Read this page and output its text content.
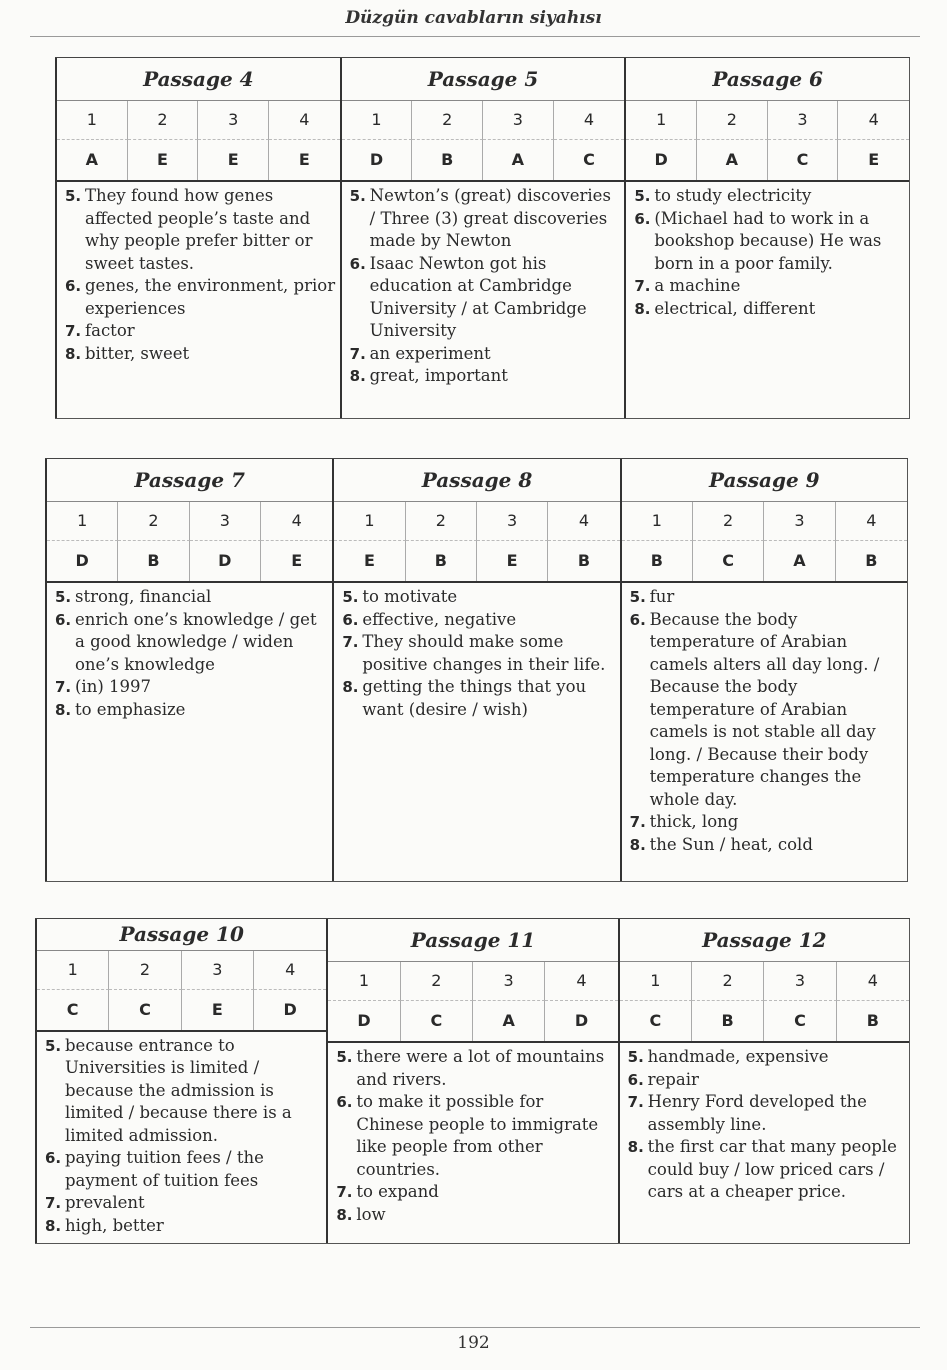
Düzgün cavabların siyahısı
Passage 4
1	2	3	4
A	E	E	E
5. They found how genes affected people’s taste and why people prefer bitter or sweet tastes.
6. genes, the environment, prior experiences
7. factor
8. bitter, sweet
Passage 5
1	2	3	4
D	B	A	C
5. Newton’s (great) discoveries / Three (3) great discoveries made by Newton
6. Isaac Newton got his education at Cambridge University / at Cambridge University
7. an experiment
8. great, important
Passage 6
1	2	3	4
D	A	C	E
5. to study electricity
6. (Michael had to work in a bookshop because) He was born in a poor family.
7. a machine
8. electrical, different
Passage 7
1	2	3	4
D	B	D	E
5. strong, financial
6. enrich one’s knowledge / get a good knowledge / widen one’s knowledge
7. (in) 1997
8. to emphasize
Passage 8
1	2	3	4
E	B	E	B
5. to motivate
6. effective, negative
7. They should make some positive changes in their life.
8. getting the things that you want (desire / wish)
Passage 9
1	2	3	4
B	C	A	B
5. fur
6. Because the body temperature of Arabian camels alters all day long. / Because the body temperature of Arabian camels is not stable all day long. / Because their body temperature changes the whole day.
7. thick, long
8. the Sun / heat, cold
Passage 10
1	2	3	4
C	C	E	D
5. because entrance to Universities is limited / because the admission is limited / because there is a limited admission.
6. paying tuition fees / the payment of tuition fees
7. prevalent
8. high, better
Passage 11
1	2	3	4
D	C	A	D
5. there were a lot of mountains and rivers.
6. to make it possible for Chinese people to immigrate like people from other countries.
7. to expand
8. low
Passage 12
1	2	3	4
C	B	C	B
5. handmade, expensive
6. repair
7. Henry Ford developed the assembly line.
8. the first car that many people could buy / low priced cars / cars at a cheaper price.
192
